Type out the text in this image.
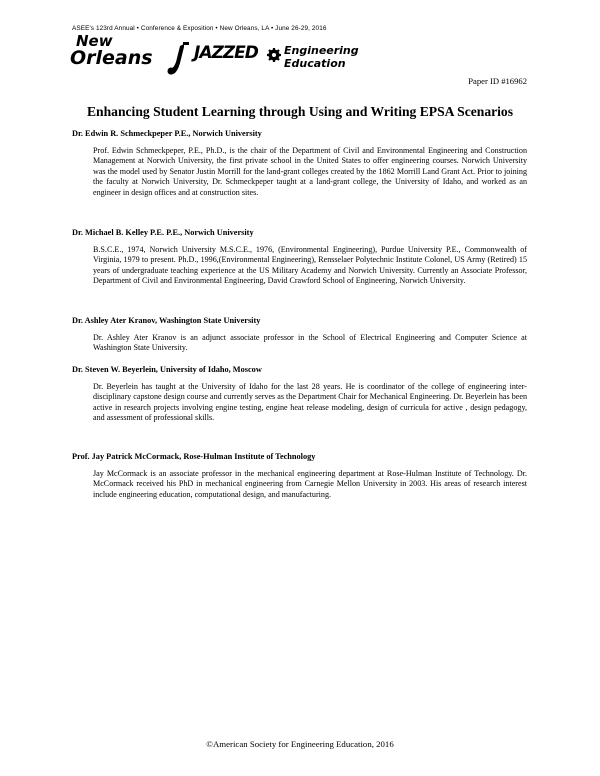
ASEE's 123rd Annual • Conference & Exposition • New Orleans, LA • June 26-29, 2016
New
Orleans JAZZED Engineering
Education
Paper ID #16962
Enhancing Student Learning through Using and Writing EPSA Scenarios
Dr. Edwin R. Schmeckpeper P.E., Norwich University
Prof. Edwin Schmeckpeper, P.E., Ph.D., is the chair of the Department of Civil and Environmental Engineering and Construction Management at Norwich University, the first private school in the United States to offer engineering courses. Norwich University was the model used by Senator Justin Morrill for the land-grant colleges created by the 1862 Morrill Land Grant Act. Prior to joining the faculty at Norwich University, Dr. Schmeckpeper taught at a land-grant college, the University of Idaho, and worked as an engineer in design offices and at construction sites.
Dr. Michael B. Kelley P.E. P.E., Norwich University
B.S.C.E., 1974, Norwich University M.S.C.E., 1976, (Environmental Engineering), Purdue University P.E., Commonwealth of Virginia, 1979 to present. Ph.D., 1996,(Environmental Engineering), Rensselaer Polytechnic Institute Colonel, US Army (Retired) 15 years of undergraduate teaching experience at the US Military Academy and Norwich University. Currently an Associate Professor, Department of Civil and Environmental Engineering, David Crawford School of Engineering, Norwich University.
Dr. Ashley Ater Kranov, Washington State University
Dr. Ashley Ater Kranov is an adjunct associate professor in the School of Electrical Engineering and Computer Science at Washington State University.
Dr. Steven W. Beyerlein, University of Idaho, Moscow
Dr. Beyerlein has taught at the University of Idaho for the last 28 years. He is coordinator of the college of engineering inter-disciplinary capstone design course and currently serves as the Department Chair for Mechanical Engineering. Dr. Beyerlein has been active in research projects involving engine testing, engine heat release modeling, design of curricula for active , design pedagogy, and assessment of professional skills.
Prof. Jay Patrick McCormack, Rose-Hulman Institute of Technology
Jay McCormack is an associate professor in the mechanical engineering department at Rose-Hulman Institute of Technology. Dr. McCormack received his PhD in mechanical engineering from Carnegie Mellon University in 2003. His areas of research interest include engineering education, computational design, and manufacturing.
©American Society for Engineering Education, 2016
